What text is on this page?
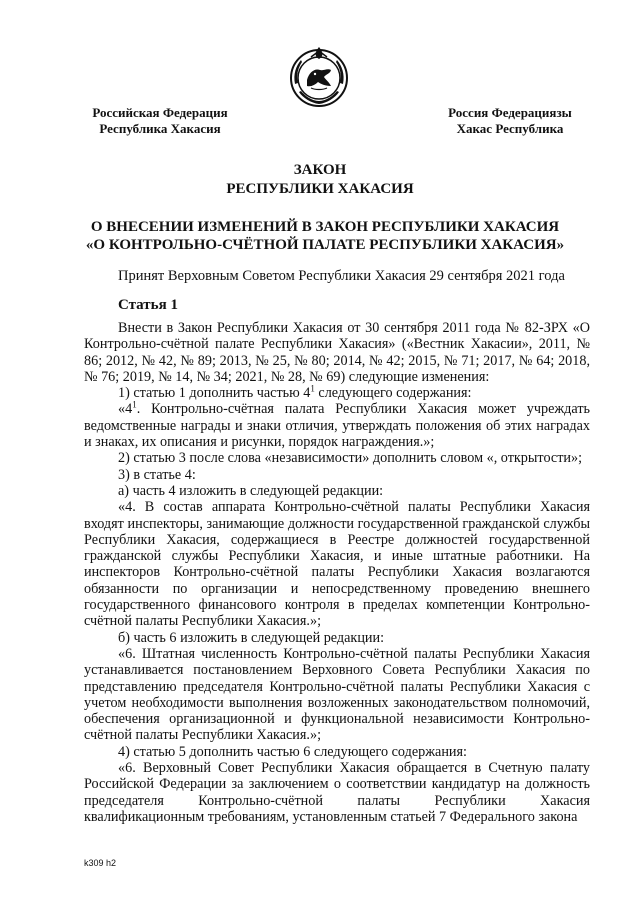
Российская Федерация
Республика Хакасия
Россия Федерациязы
Хакас Республика
ЗАКОН
РЕСПУБЛИКИ ХАКАСИЯ
О ВНЕСЕНИИ ИЗМЕНЕНИЙ В ЗАКОН РЕСПУБЛИКИ ХАКАСИЯ
«О КОНТРОЛЬНО-СЧЁТНОЙ ПАЛАТЕ РЕСПУБЛИКИ ХАКАСИЯ»
Принят Верховным Советом Республики Хакасия 29 сентября 2021 года
Статья 1

Внести в Закон Республики Хакасия от 30 сентября 2011 года № 82-ЗРХ «О Контрольно-счётной палате Республики Хакасия» («Вестник Хакасии», 2011, № 86; 2012, № 42, № 89; 2013, № 25, № 80; 2014, № 42; 2015, № 71; 2017, № 64; 2018, № 76; 2019, № 14, № 34; 2021, № 28, № 69) следующие изменения:

1) статью 1 дополнить частью $4^1$ следующего содержания:

«$4^1$. Контрольно-счётная палата Республики Хакасия может учреждать ведомственные награды и знаки отличия, утверждать положения об этих наградах и знаках, их описания и рисунки, порядок награждения.»;

2) статью 3 после слова «независимости» дополнить словом «, открытости»;

3) в статье 4:

а) часть 4 изложить в следующей редакции:

«4. В состав аппарата Контрольно-счётной палаты Республики Хакасия входят инспекторы, занимающие должности государственной гражданской службы Республики Хакасия, содержащиеся в Реестре должностей государственной гражданской службы Республики Хакасия, и иные штатные работники. На инспекторов Контрольно-счётной палаты Республики Хакасия возлагаются обязанности по организации и непосредственному проведению внешнего государственного финансового контроля в пределах компетенции Контрольно-счётной палаты Республики Хакасия.»;

б) часть 6 изложить в следующей редакции:

«6. Штатная численность Контрольно-счётной палаты Республики Хакасия устанавливается постановлением Верховного Совета Республики Хакасия по представлению председателя Контрольно-счётной палаты Республики Хакасия с учетом необходимости выполнения возложенных законодательством полномочий, обеспечения организационной и функциональной независимости Контрольно-счётной палаты Республики Хакасия.»;

4) статью 5 дополнить частью 6 следующего содержания:

«6. Верховный Совет Республики Хакасия обращается в Счетную палату Российской Федерации за заключением о соответствии кандидатур на должность председателя Контрольно-счётной палаты Республики Хакасия квалификационным требованиям, установленным статьей 7 Федерального закона

k309 h2
